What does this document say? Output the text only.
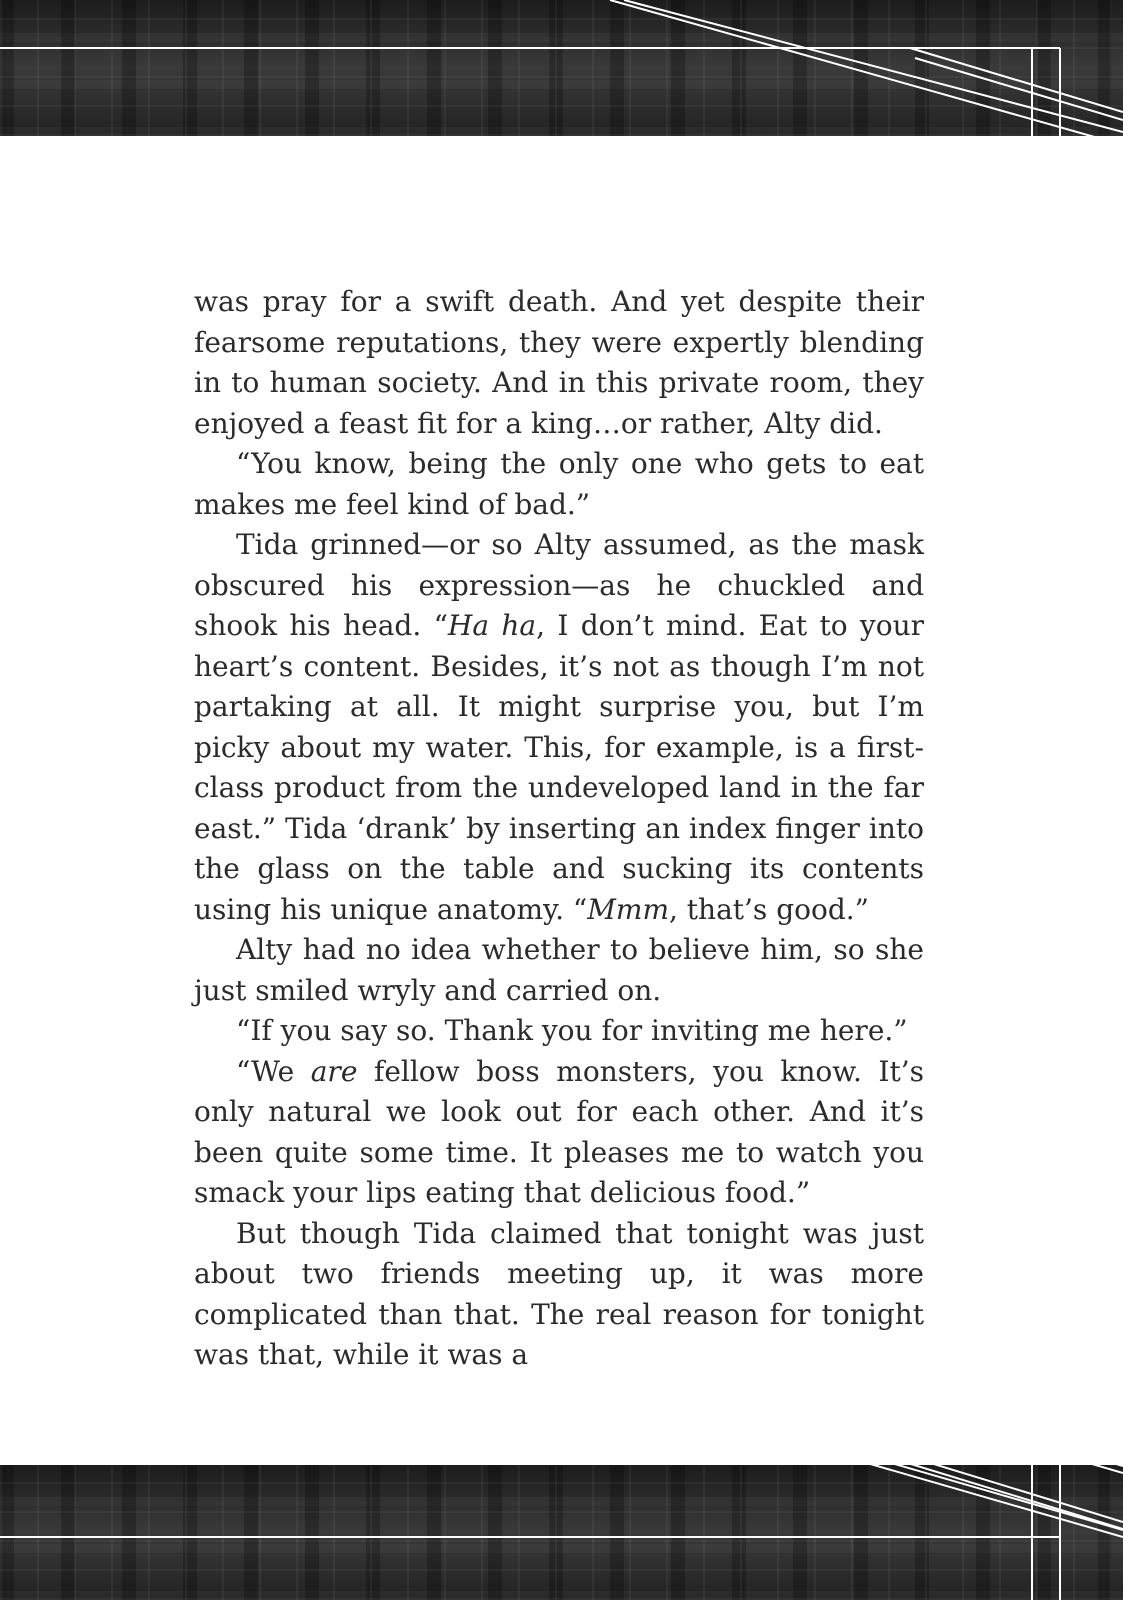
was pray for a swift death. And yet despite their fearsome reputations, they were expertly blending in to human society. And in this private room, they enjoyed a feast fit for a king…or rather, Alty did.

“You know, being the only one who gets to eat makes me feel kind of bad.”

Tida grinned—or so Alty assumed, as the mask obscured his expression—as he chuckled and shook his head. “Ha ha, I don’t mind. Eat to your heart’s content. Besides, it’s not as though I’m not partaking at all. It might surprise you, but I’m picky about my water. This, for example, is a first-class product from the undeveloped land in the far east.” Tida ‘drank’ by inserting an index finger into the glass on the table and sucking its contents using his unique anatomy. “Mmm, that’s good.”

Alty had no idea whether to believe him, so she just smiled wryly and carried on.

“If you say so. Thank you for inviting me here.”

“We are fellow boss monsters, you know. It’s only natural we look out for each other. And it’s been quite some time. It pleases me to watch you smack your lips eating that delicious food.”

But though Tida claimed that tonight was just about two friends meeting up, it was more complicated than that. The real reason for tonight was that, while it was a
